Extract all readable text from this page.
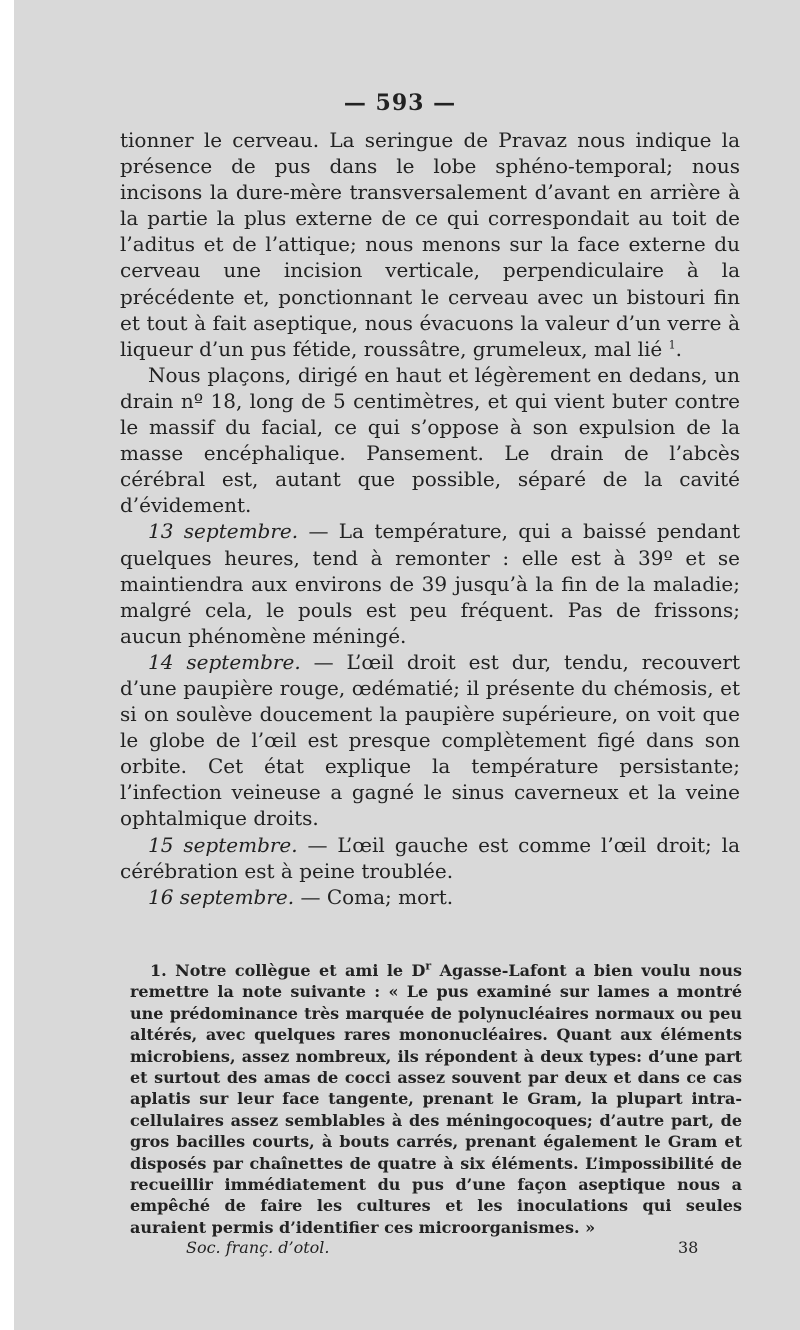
— 593 —

tionner le cerveau. La seringue de Pravaz nous indique la présence de pus dans le lobe sphéno-temporal; nous incisons la dure-mère transversalement d’avant en arrière à la partie la plus externe de ce qui correspondait au toit de l’aditus et de l’attique; nous menons sur la face externe du cerveau une incision verticale, perpendiculaire à la précédente et, ponctionnant le cerveau avec un bistouri fin et tout à fait aseptique, nous évacuons la valeur d’un verre à liqueur d’un pus fétide, roussâtre, grumeleux, mal lié $^1$.

Nous plaçons, dirigé en haut et légèrement en dedans, un drain nº 18, long de 5 centimètres, et qui vient buter contre le massif du facial, ce qui s’oppose à son expulsion de la masse encéphalique. Pansement. Le drain de l’abcès cérébral est, autant que possible, séparé de la cavité d’évidement.

13 septembre. — La température, qui a baissé pendant quelques heures, tend à remonter : elle est à 39º et se maintiendra aux environs de 39 jusqu’à la fin de la maladie; malgré cela, le pouls est peu fréquent. Pas de frissons; aucun phénomène méningé.

14 septembre. — L’œil droit est dur, tendu, recouvert d’une paupière rouge, œdématié; il présente du chémosis, et si on soulève doucement la paupière supérieure, on voit que le globe de l’œil est presque complètement figé dans son orbite. Cet état explique la température persistante; l’infection veineuse a gagné le sinus caverneux et la veine ophtalmique droits.

15 septembre. — L’œil gauche est comme l’œil droit; la cérébration est à peine troublée.

16 septembre. — Coma; mort.

1. Notre collègue et ami le $D^r$ Agasse-Lafont a bien voulu nous remettre la note suivante : « Le pus examiné sur lames a montré une prédominance très marquée de polynucléaires normaux ou peu altérés, avec quelques rares mononucléaires. Quant aux éléments microbiens, assez nombreux, ils répondent à deux types: d’une part et surtout des amas de cocci assez souvent par deux et dans ce cas aplatis sur leur face tangente, prenant le Gram, la plupart intra-cellulaires assez semblables à des méningocoques; d’autre part, de gros bacilles courts, à bouts carrés, prenant également le Gram et disposés par chaînettes de quatre à six éléments. L’impossibilité de recueillir immédiatement du pus d’une façon aseptique nous a empêché de faire les cultures et les inoculations qui seules auraient permis d’identifier ces microorganismes. »
Soc. franç. d’otol.	38
